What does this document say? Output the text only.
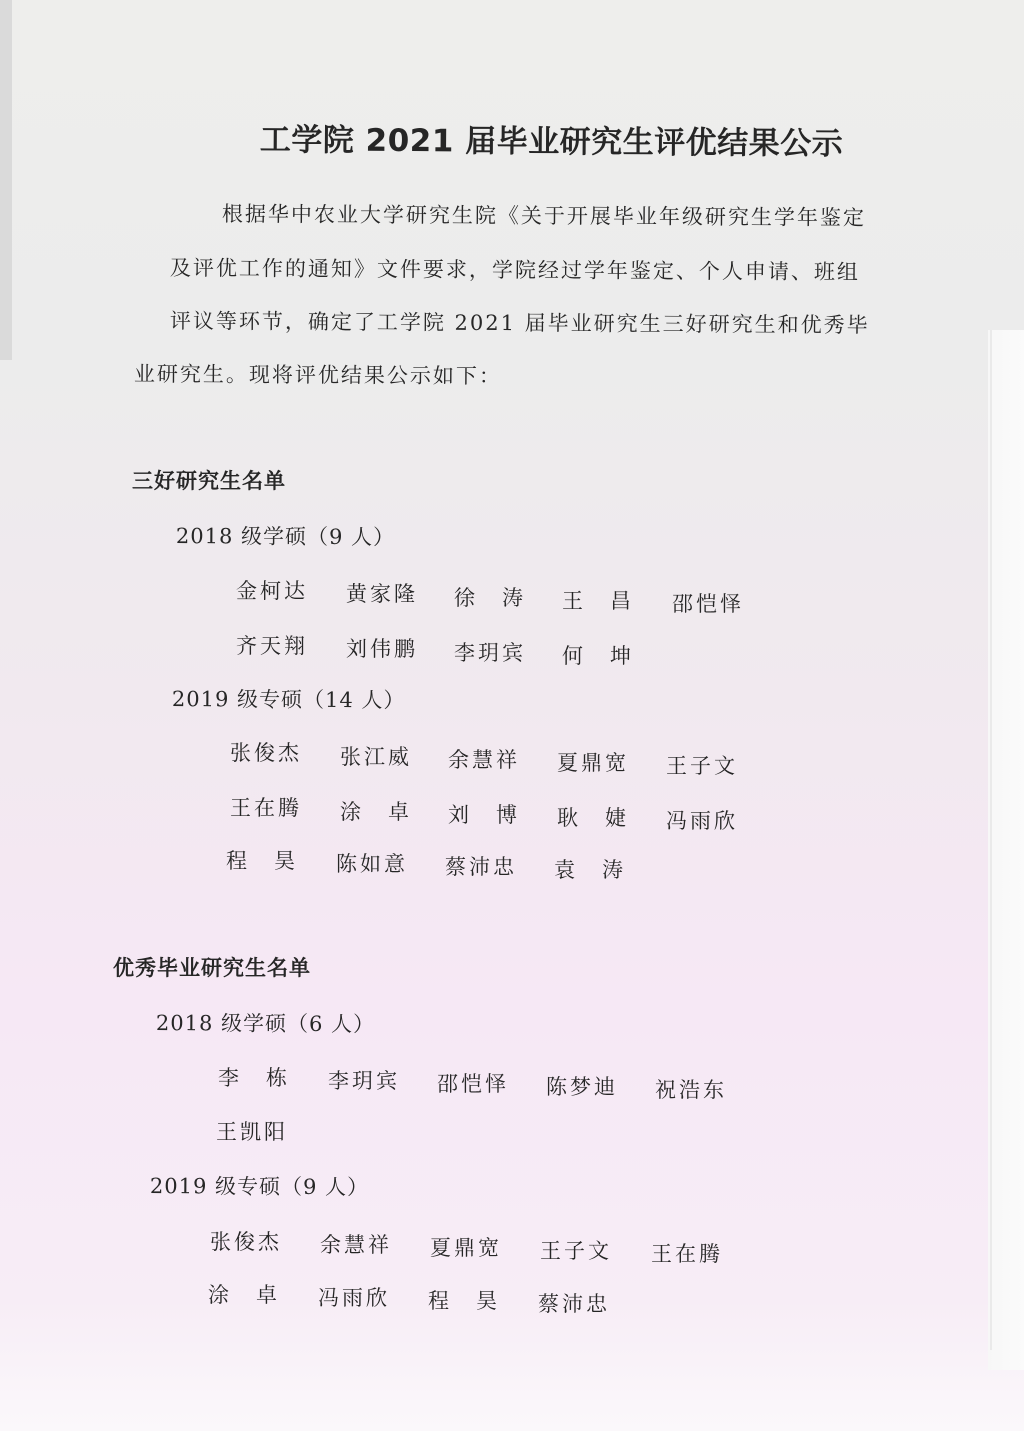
工学院 2021 届毕业研究生评优结果公示
根据华中农业大学研究生院《关于开展毕业年级研究生学年鉴定
及评优工作的通知》文件要求，学院经过学年鉴定、个人申请、班组
评议等环节，确定了工学院 2021 届毕业研究生三好研究生和优秀毕
业研究生。现将评优结果公示如下：
三好研究生名单
2018 级学硕（9 人）
金柯达 黄家隆 徐　涛 王　昌 邵恺怿
齐天翔 刘伟鹏 李玥宾 何　坤
2019 级专硕（14 人）
张俊杰 张江威 余慧祥 夏鼎宽 王子文
王在腾 涂　卓 刘　博 耿　婕 冯雨欣
程　昊 陈如意 蔡沛忠 袁　涛
优秀毕业研究生名单
2018 级学硕（6 人）
李　栋 李玥宾 邵恺怿 陈梦迪 祝浩东
王凯阳
2019 级专硕（9 人）
张俊杰 余慧祥 夏鼎宽 王子文 王在腾
涂　卓 冯雨欣 程　昊 蔡沛忠
